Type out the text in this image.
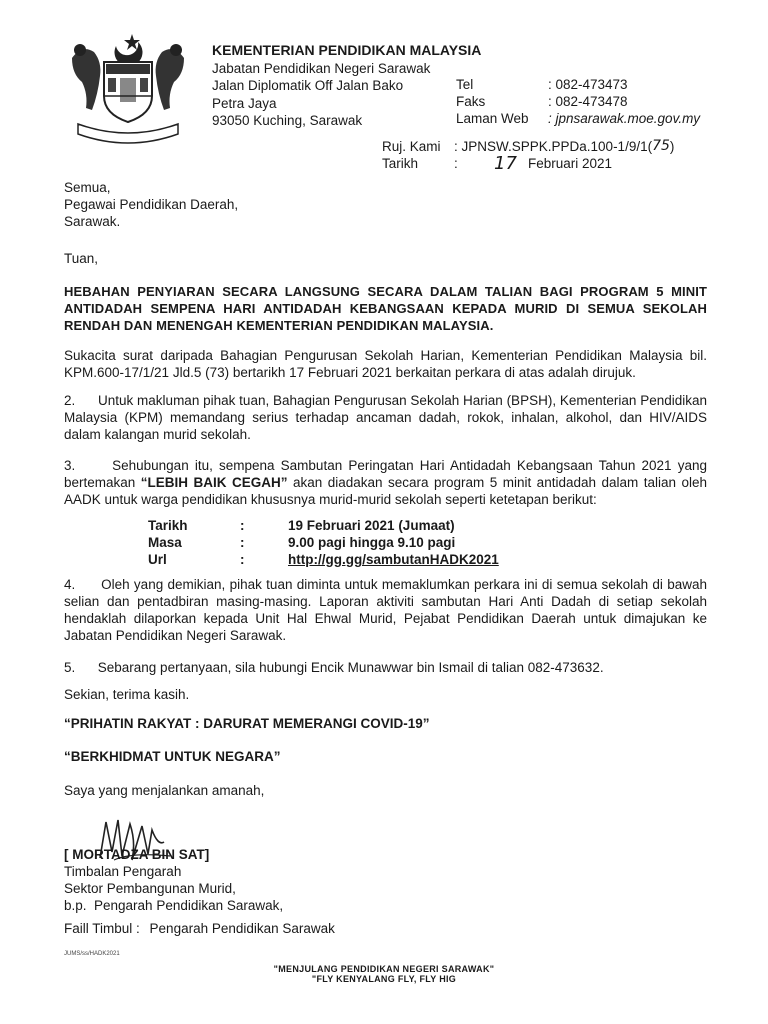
KEMENTERIAN PENDIDIKAN MALAYSIA
Jabatan Pendidikan Negeri Sarawak
Jalan Diplomatik Off Jalan Bako
Petra Jaya
93050 Kuching, Sarawak
Tel	: 082-473473
Faks	: 082-473478
Laman Web	: jpnsarawak.moe.gov.my
Ruj. Kami : JPNSW.SPPK.PPDa.100-1/9/1( 75 )
Tarikh	:	17 Februari 2021
Semua,
Pegawai Pendidikan Daerah,
Sarawak.
Tuan,
HEBAHAN PENYIARAN SECARA LANGSUNG SECARA DALAM TALIAN BAGI PROGRAM 5 MINIT ANTIDADAH SEMPENA HARI ANTIDADAH KEBANGSAAN KEPADA MURID DI SEMUA SEKOLAH RENDAH DAN MENENGAH KEMENTERIAN PENDIDIKAN MALAYSIA.
Sukacita surat daripada Bahagian Pengurusan Sekolah Harian, Kementerian Pendidikan Malaysia bil. KPM.600-17/1/21 Jld.5 (73) bertarikh 17 Februari 2021 berkaitan perkara di atas adalah dirujuk.
2.      Untuk makluman pihak tuan, Bahagian Pengurusan Sekolah Harian (BPSH), Kementerian Pendidikan Malaysia (KPM) memandang serius terhadap ancaman dadah, rokok, inhalan, alkohol, dan HIV/AIDS dalam kalangan murid sekolah.
3.      Sehubungan itu, sempena Sambutan Peringatan Hari Antidadah Kebangsaan Tahun 2021 yang bertemakan “LEBIH BAIK CEGAH” akan diadakan secara program 5 minit antidadah dalam talian oleh AADK untuk warga pendidikan khususnya murid-murid sekolah seperti ketetapan berikut:
Tarikh	:	19 Februari 2021 (Jumaat)
Masa	:	9.00 pagi hingga 9.10 pagi
Url	:	http://gg.gg/sambutanHADK2021
4.      Oleh yang demikian, pihak tuan diminta untuk memaklumkan perkara ini di semua sekolah di bawah selian dan pentadbiran masing-masing. Laporan aktiviti sambutan Hari Anti Dadah di setiap sekolah hendaklah dilaporkan kepada Unit Hal Ehwal Murid, Pejabat Pendidikan Daerah untuk dimajukan ke Jabatan Pendidikan Negeri Sarawak.
5.      Sebarang pertanyaan, sila hubungi Encik Munawwar bin Ismail di talian 082-473632.
Sekian, terima kasih.
“PRIHATIN RAKYAT : DARURAT MEMERANGI COVID-19”
“BERKHIDMAT UNTUK NEGARA”
Saya yang menjalankan amanah,
[ MORTADZA BIN SAT]
Timbalan Pengarah
Sektor Pembangunan Murid,
b.p.  Pengarah Pendidikan Sarawak,
Faill Timbul : Pengarah Pendidikan Sarawak
JUMS/ss/HADK2021
"MENJULANG PENDIDIKAN NEGERI SARAWAK"
"FLY KENYALANG FLY, FLY HIG
